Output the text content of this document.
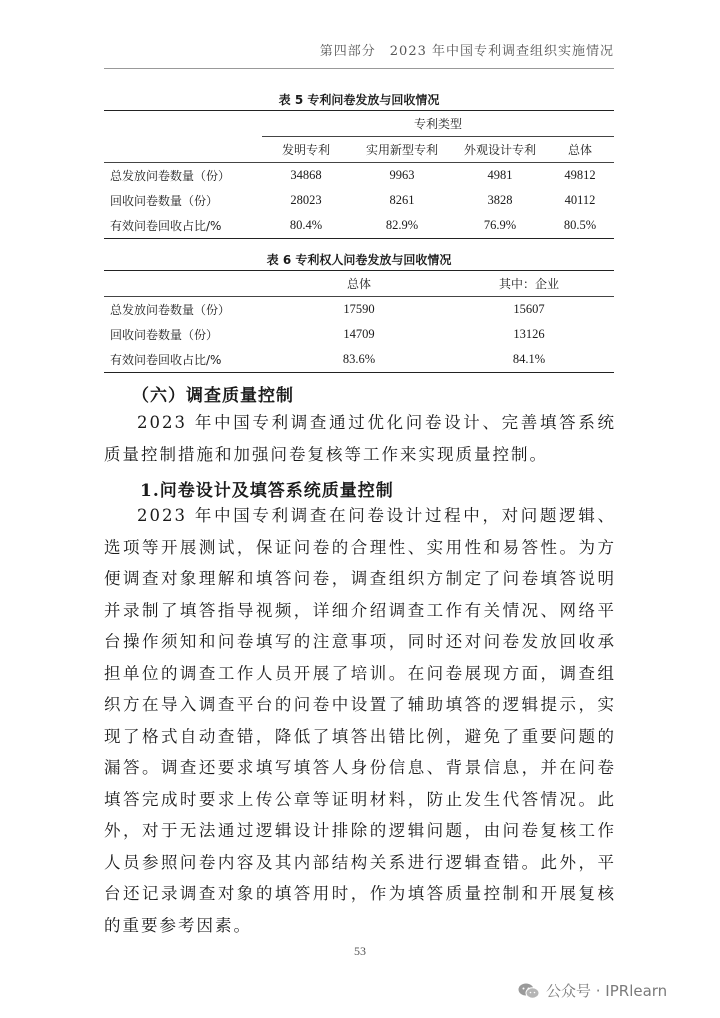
第四部分　2023 年中国专利调查组织实施情况
表 5 专利问卷发放与回收情况
	专利类型			
	发明专利	实用新型专利	外观设计专利	总体
总发放问卷数量（份）	34868	9963	4981	49812
回收问卷数量（份）	28023	8261	3828	40112
有效问卷回收占比/%	80.4%	82.9%	76.9%	80.5%
表 6 专利权人问卷发放与回收情况
	总体	其中：企业
总发放问卷数量（份）	17590	15607
回收问卷数量（份）	14709	13126
有效问卷回收占比/%	83.6%	84.1%
（六）调查质量控制

2023 年中国专利调查通过优化问卷设计、完善填答系统质量控制措施和加强问卷复核等工作来实现质量控制。

1.问卷设计及填答系统质量控制

2023 年中国专利调查在问卷设计过程中，对问题逻辑、选项等开展测试，保证问卷的合理性、实用性和易答性。为方便调查对象理解和填答问卷，调查组织方制定了问卷填答说明并录制了填答指导视频，详细介绍调查工作有关情况、网络平台操作须知和问卷填写的注意事项，同时还对问卷发放回收承担单位的调查工作人员开展了培训。在问卷展现方面，调查组织方在导入调查平台的问卷中设置了辅助填答的逻辑提示，实现了格式自动查错，降低了填答出错比例，避免了重要问题的漏答。调查还要求填写填答人身份信息、背景信息，并在问卷填答完成时要求上传公章等证明材料，防止发生代答情况。此外，对于无法通过逻辑设计排除的逻辑问题，由问卷复核工作人员参照问卷内容及其内部结构关系进行逻辑查错。此外，平台还记录调查对象的填答用时，作为填答质量控制和开展复核的重要参考因素。

53
公众号 · IPRlearn
